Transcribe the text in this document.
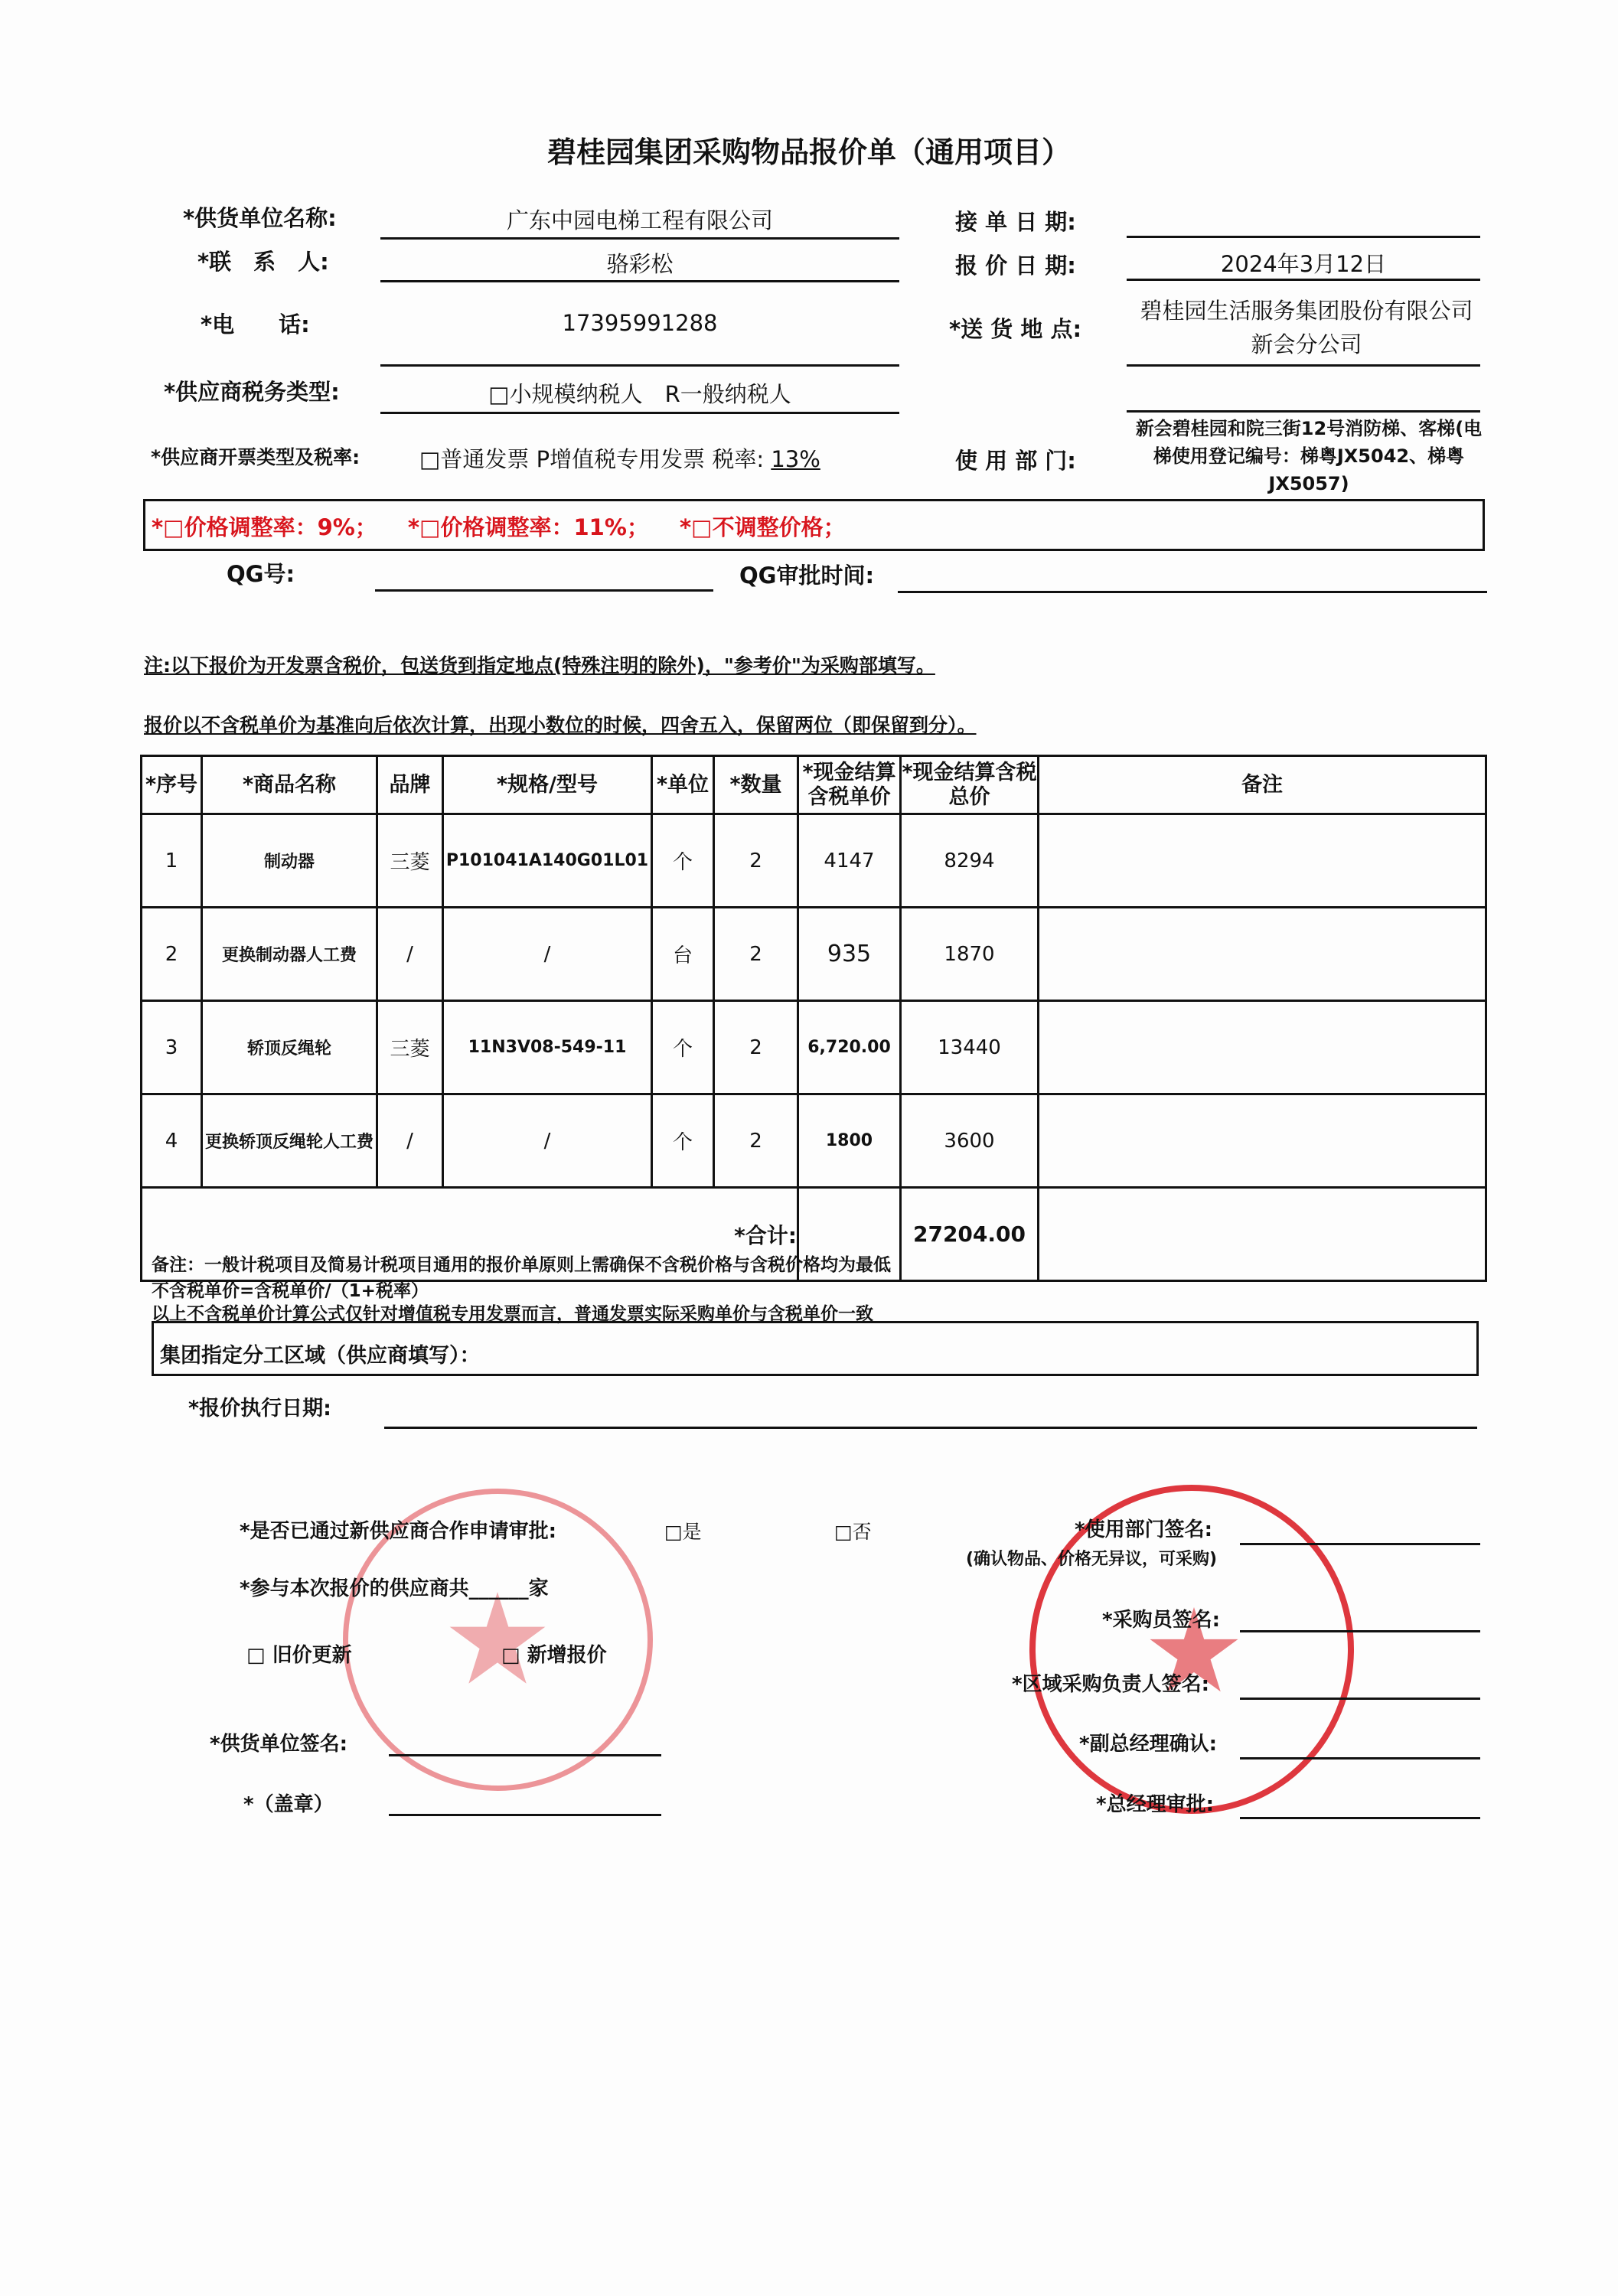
碧桂园集团采购物品报价单（通用项目）
*供货单位名称:	广东中园电梯工程有限公司	接 单 日 期:
*联　系　人:	骆彩松	报 价 日 期:	2024年3月12日
*电　　话:	17395991288	*送 货 地 点:
碧桂园生活服务集团股份有限公司新会分公司
*供应商税务类型:	□小规模纳税人　R一般纳税人
*供应商开票类型及税率:	□普通发票 P增值税专用发票 税率: 13%	使 用 部 门:
新会碧桂园和院三街12号消防梯、客梯(电梯使用登记编号：梯粤JX5042、梯粤JX5057)
*□价格调整率：9%； *□价格调整率：11%； *□不调整价格；
QG号:	QG审批时间:
注:以下报价为开发票含税价，包送货到指定地点(特殊注明的除外)，"参考价"为采购部填写。
报价以不含税单价为基准向后依次计算，出现小数位的时候，四舍五入，保留两位（即保留到分）。
*序号	*商品名称	品牌	*规格/型号	*单位	*数量	*现金结算含税单价	*现金结算含税总价	备注
1	制动器	三菱	P101041A140G01L01	个	2	4147	8294	
2	更换制动器人工费	/	/	台	2	935	1870	
3	轿顶反绳轮	三菱	11N3V08-549-11	个	2	6,720.00	13440	
4	更换轿顶反绳轮人工费	/	/	个	2	1800	3600	
*合计:							27204.00	
备注：一般计税项目及简易计税项目通用的报价单原则上需确保不含税价格与含税价格均为最低
不含税单价=含税单价/（1+税率）
以上不含税单价计算公式仅针对增值税专用发票而言，普通发票实际采购单价与含税单价一致
集团指定分工区域（供应商填写）：
*报价执行日期:
*是否已通过新供应商合作申请审批:	□是	□否
*参与本次报价的供应商共______家
□ 旧价更新	□ 新增报价
*供货单位签名:
*（盖章）
*使用部门签名:
(确认物品、价格无异议，可采购)
*采购员签名:
*区域采购负责人签名:
*副总经理确认:
*总经理审批:
